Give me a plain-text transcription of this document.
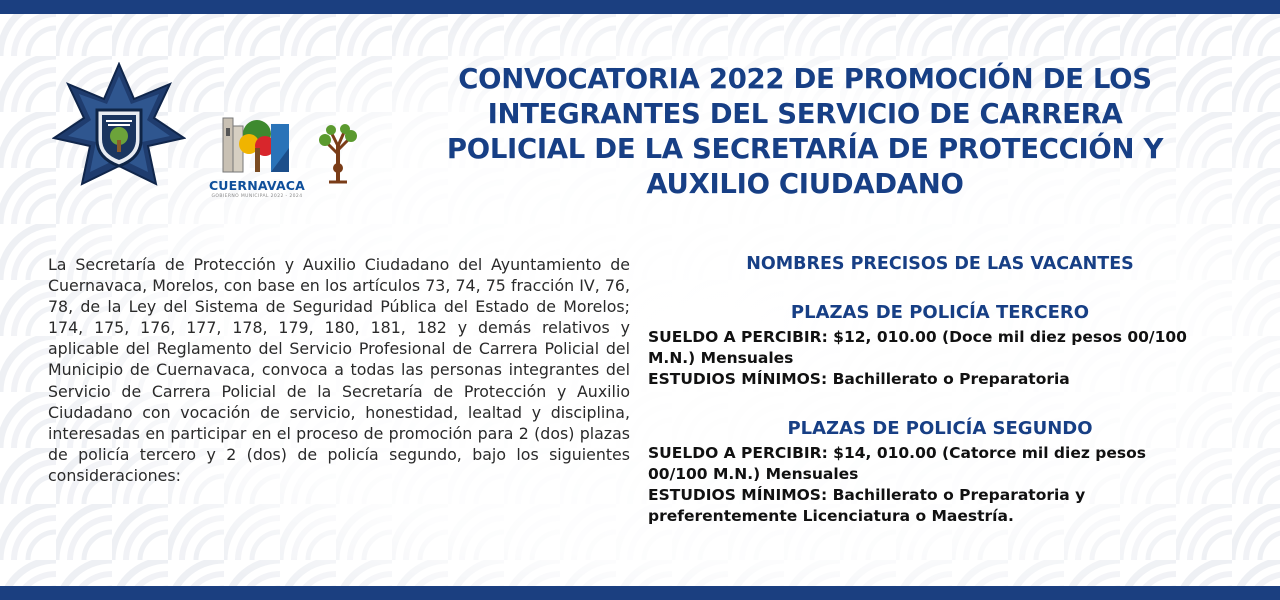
CUERNAVACA
GOBIERNO MUNICIPAL 2022 - 2024
CONVOCATORIA 2022 DE PROMOCIÓN DE LOS
INTEGRANTES DEL SERVICIO DE CARRERA
POLICIAL DE LA SECRETARÍA DE PROTECCIÓN Y
AUXILIO CIUDADANO

La Secretaría de Protección y Auxilio Ciudadano del Ayuntamiento de Cuernavaca, Morelos, con base en los artículos 73, 74, 75 fracción IV, 76, 78, de la Ley del Sistema de Seguridad Pública del Estado de Morelos; 174, 175, 176, 177, 178, 179, 180, 181, 182 y demás relativos y aplicable del Reglamento del Servicio Profesional de Carrera Policial del Municipio de Cuernavaca, convoca a todas las personas integrantes del Servicio de Carrera Policial de la Secretaría de Protección y Auxilio Ciudadano con vocación de servicio, honestidad, lealtad y disciplina, interesadas en participar en el proceso de promoción para 2 (dos) plazas de policía tercero y 2 (dos) de policía segundo, bajo los siguientes consideraciones:

NOMBRES PRECISOS DE LAS VACANTES
PLAZAS DE POLICÍA TERCERO

SUELDO A PERCIBIR: $12, 010.00 (Doce mil diez pesos 00/100
M.N.) Mensuales
ESTUDIOS MÍNIMOS: Bachillerato o Preparatoria

PLAZAS DE POLICÍA SEGUNDO

SUELDO A PERCIBIR: $14, 010.00 (Catorce mil diez pesos
00/100 M.N.) Mensuales
ESTUDIOS MÍNIMOS: Bachillerato o Preparatoria y
preferentemente Licenciatura o Maestría.
